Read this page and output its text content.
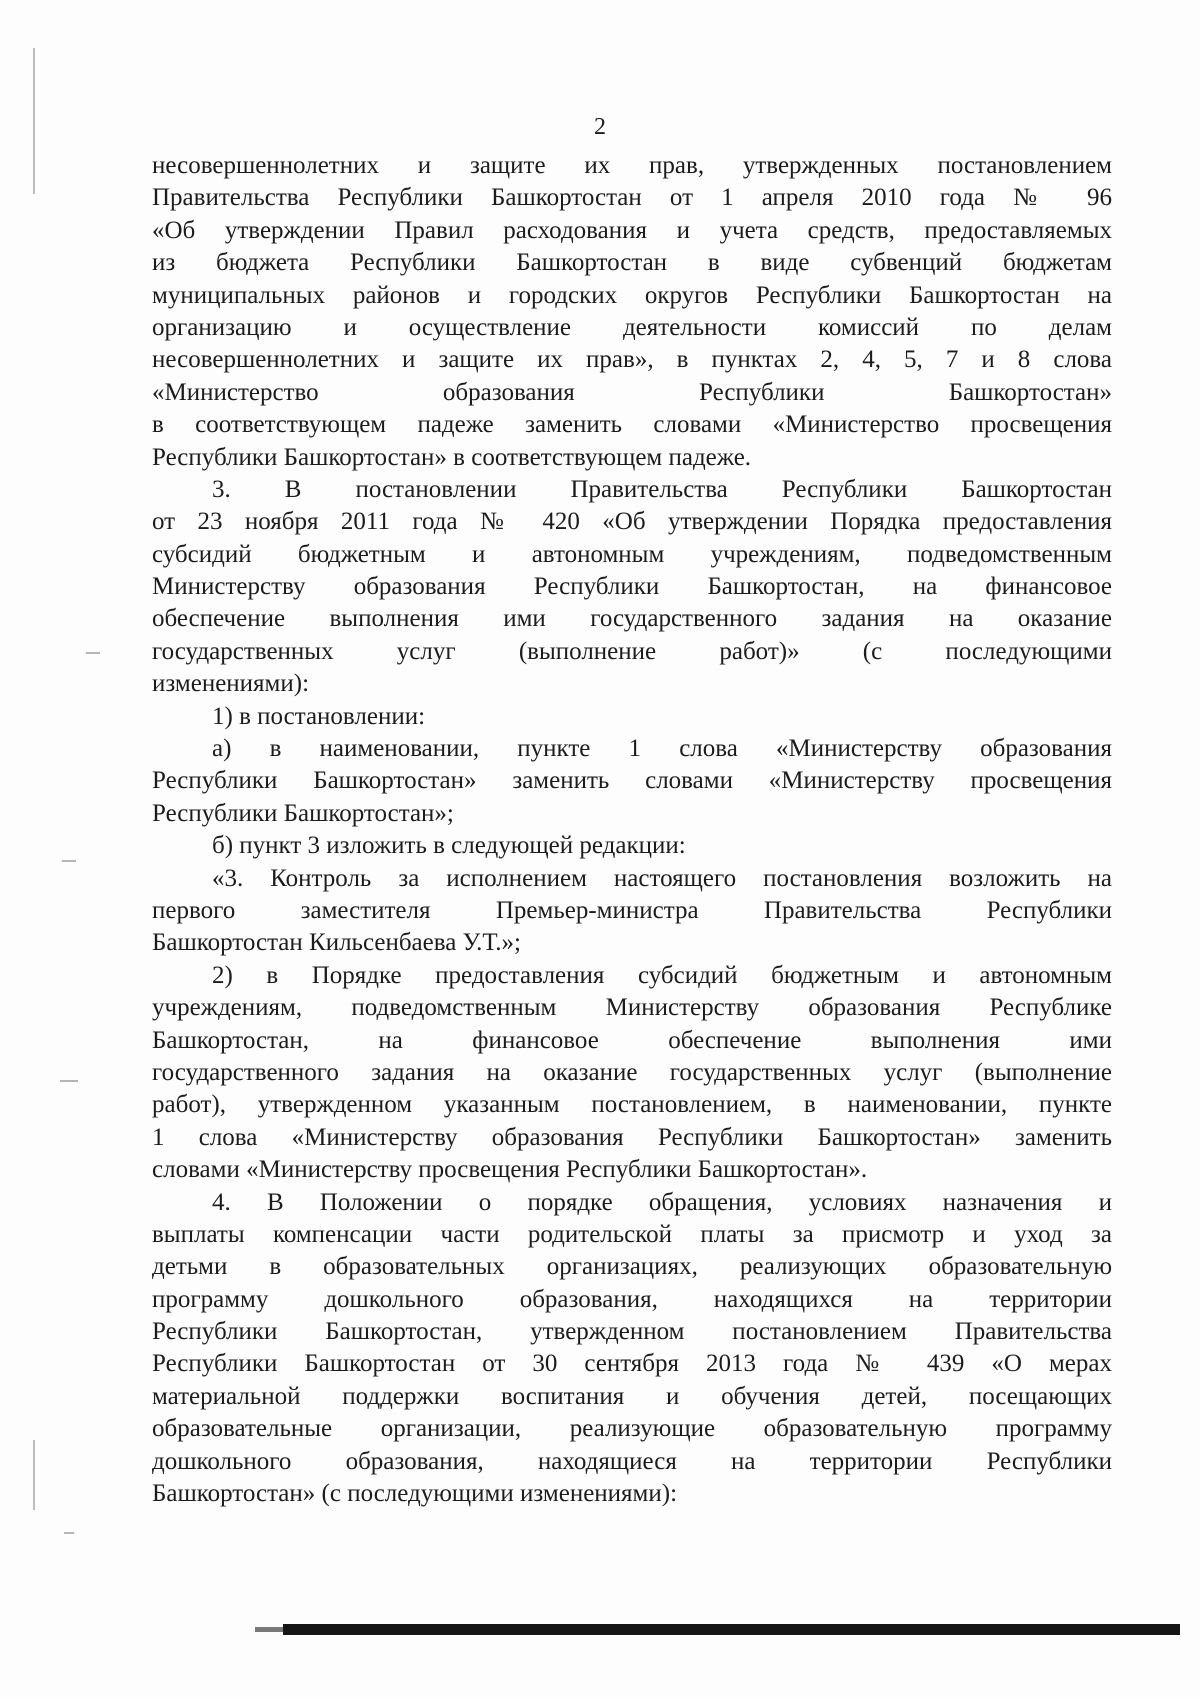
2
несовершеннолетних и защите их прав, утвержденных постановлением
Правительства Республики Башкортостан от 1 апреля 2010 года № 96
«Об утверждении Правил расходования и учета средств, предоставляемых
из бюджета Республики Башкортостан в виде субвенций бюджетам
муниципальных районов и городских округов Республики Башкортостан на
организацию и осуществление деятельности комиссий по делам
несовершеннолетних и защите их прав», в пунктах 2, 4, 5, 7 и 8 слова
«Министерство образования Республики Башкортостан»
в соответствующем падеже заменить словами «Министерство просвещения
Республики Башкортостан» в соответствующем падеже.
3. В постановлении Правительства Республики Башкортостан
от 23 ноября 2011 года № 420 «Об утверждении Порядка предоставления
субсидий бюджетным и автономным учреждениям, подведомственным
Министерству образования Республики Башкортостан, на финансовое
обеспечение выполнения ими государственного задания на оказание
государственных услуг (выполнение работ)» (с последующими
изменениями):
1) в постановлении:
а) в наименовании, пункте 1 слова «Министерству образования
Республики Башкортостан» заменить словами «Министерству просвещения
Республики Башкортостан»;
б) пункт 3 изложить в следующей редакции:
«3. Контроль за исполнением настоящего постановления возложить на
первого заместителя Премьер-министра Правительства Республики
Башкортостан Кильсенбаева У.Т.»;
2) в Порядке предоставления субсидий бюджетным и автономным
учреждениям, подведомственным Министерству образования Республике
Башкортостан, на финансовое обеспечение выполнения ими
государственного задания на оказание государственных услуг (выполнение
работ), утвержденном указанным постановлением, в наименовании, пункте
1 слова «Министерству образования Республики Башкортостан» заменить
словами «Министерству просвещения Республики Башкортостан».
4. В Положении о порядке обращения, условиях назначения и
выплаты компенсации части родительской платы за присмотр и уход за
детьми в образовательных организациях, реализующих образовательную
программу дошкольного образования, находящихся на территории
Республики Башкортостан, утвержденном постановлением Правительства
Республики Башкортостан от 30 сентября 2013 года № 439 «О мерах
материальной поддержки воспитания и обучения детей, посещающих
образовательные организации, реализующие образовательную программу
дошкольного образования, находящиеся на территории Республики
Башкортостан» (с последующими изменениями):
